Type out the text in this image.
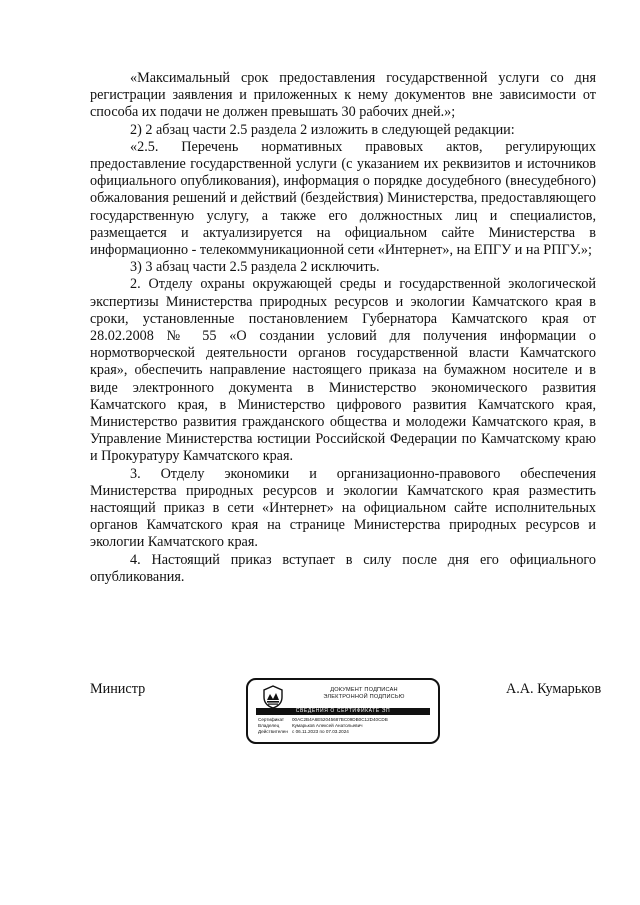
«Максимальный срок предоставления государственной услуги со дня регистрации заявления и приложенных к нему документов вне зависимости от способа их подачи не должен превышать 30 рабочих дней.»;

2) 2 абзац части 2.5 раздела 2 изложить в следующей редакции:

«2.5. Перечень нормативных правовых актов, регулирующих предоставление государственной услуги (с указанием их реквизитов и источников официального опубликования), информация о порядке досудебного (внесудебного) обжалования решений и действий (бездействия) Министерства, предоставляющего государственную услугу, а также его должностных лиц и специалистов, размещается и актуализируется на официальном сайте Министерства в информационно - телекоммуникационной сети «Интернет», на ЕПГУ и на РПГУ.»;

3) 3 абзац части 2.5 раздела 2 исключить.

2. Отделу охраны окружающей среды и государственной экологической экспертизы Министерства природных ресурсов и экологии Камчатского края в сроки, установленные постановлением Губернатора Камчатского края от 28.02.2008 № 55 «О создании условий для получения информации о нормотворческой деятельности органов государственной власти Камчатского края», обеспечить направление настоящего приказа на бумажном носителе и в виде электронного документа в Министерство экономического развития Камчатского края, в Министерство цифрового развития Камчатского края, Министерство развития гражданского общества и молодежи Камчатского края, в Управление Министерства юстиции Российской Федерации по Камчатскому краю и Прокуратуру Камчатского края.

3. Отделу экономики и организационно-правового обеспечения Министерства природных ресурсов и экологии Камчатского края разместить настоящий приказ в сети «Интернет» на официальном сайте исполнительных органов Камчатского края на странице Министерства природных ресурсов и экологии Камчатского края.

4. Настоящий приказ вступает в силу после дня его официального опубликования.

Министр	А.А. Кумарьков
ДОКУМЕНТ ПОДПИСАН
ЭЛЕКТРОННОЙ ПОДПИСЬЮ
СВЕДЕНИЯ О СЕРТИФИКАТЕ ЭП
Сертификат	00AC2B4A6E52045687BC09DB0C12D40CDB
Владелец	Кумарьков Алексей Анатольевич
Действителен с 06.11.2023 по 07.03.2024
